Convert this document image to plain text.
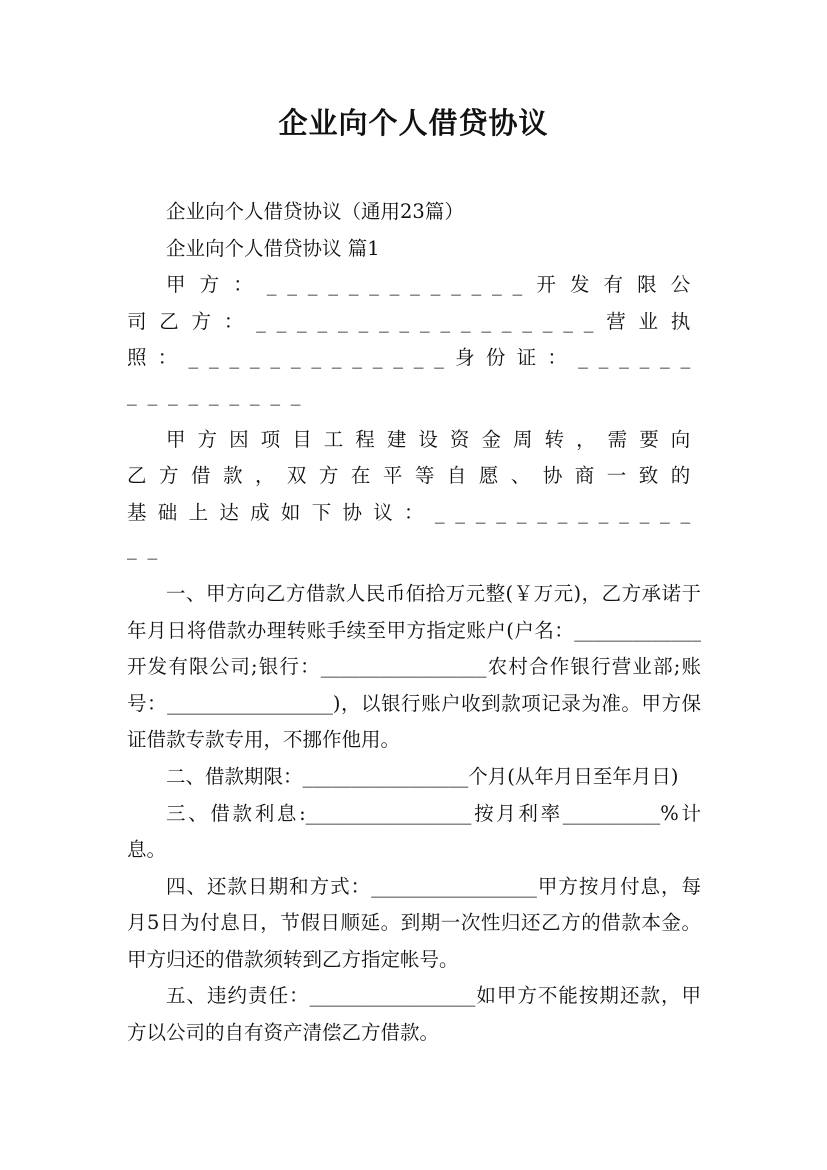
企业向个人借贷协议

企业向个人借贷协议（通用23篇）

企业向个人借贷协议 篇1

甲方：_____________开发有限公司乙方：_________________营业执照：_____________身份证：_______________

甲方因项目工程建设资金周转，需要向乙方借款，双方在平等自愿、协商一致的基础上达成如下协议：_______________

一、甲方向乙方借款人民币佰拾万元整(￥万元)，乙方承诺于年月日将借款办理转账手续至甲方指定账户(户名：_____________开发有限公司;银行：_________________农村合作银行营业部;账号：_________________)，以银行账户收到款项记录为准。甲方保证借款专款专用，不挪作他用。

二、借款期限：_________________个月(从年月日至年月日)

三、借款利息:_________________按月利率__________%计息。

四、还款日期和方式：_________________甲方按月付息，每月5日为付息日，节假日顺延。到期一次性归还乙方的借款本金。甲方归还的借款须转到乙方指定帐号。

五、违约责任：_________________如甲方不能按期还款，甲方以公司的自有资产清偿乙方借款。
